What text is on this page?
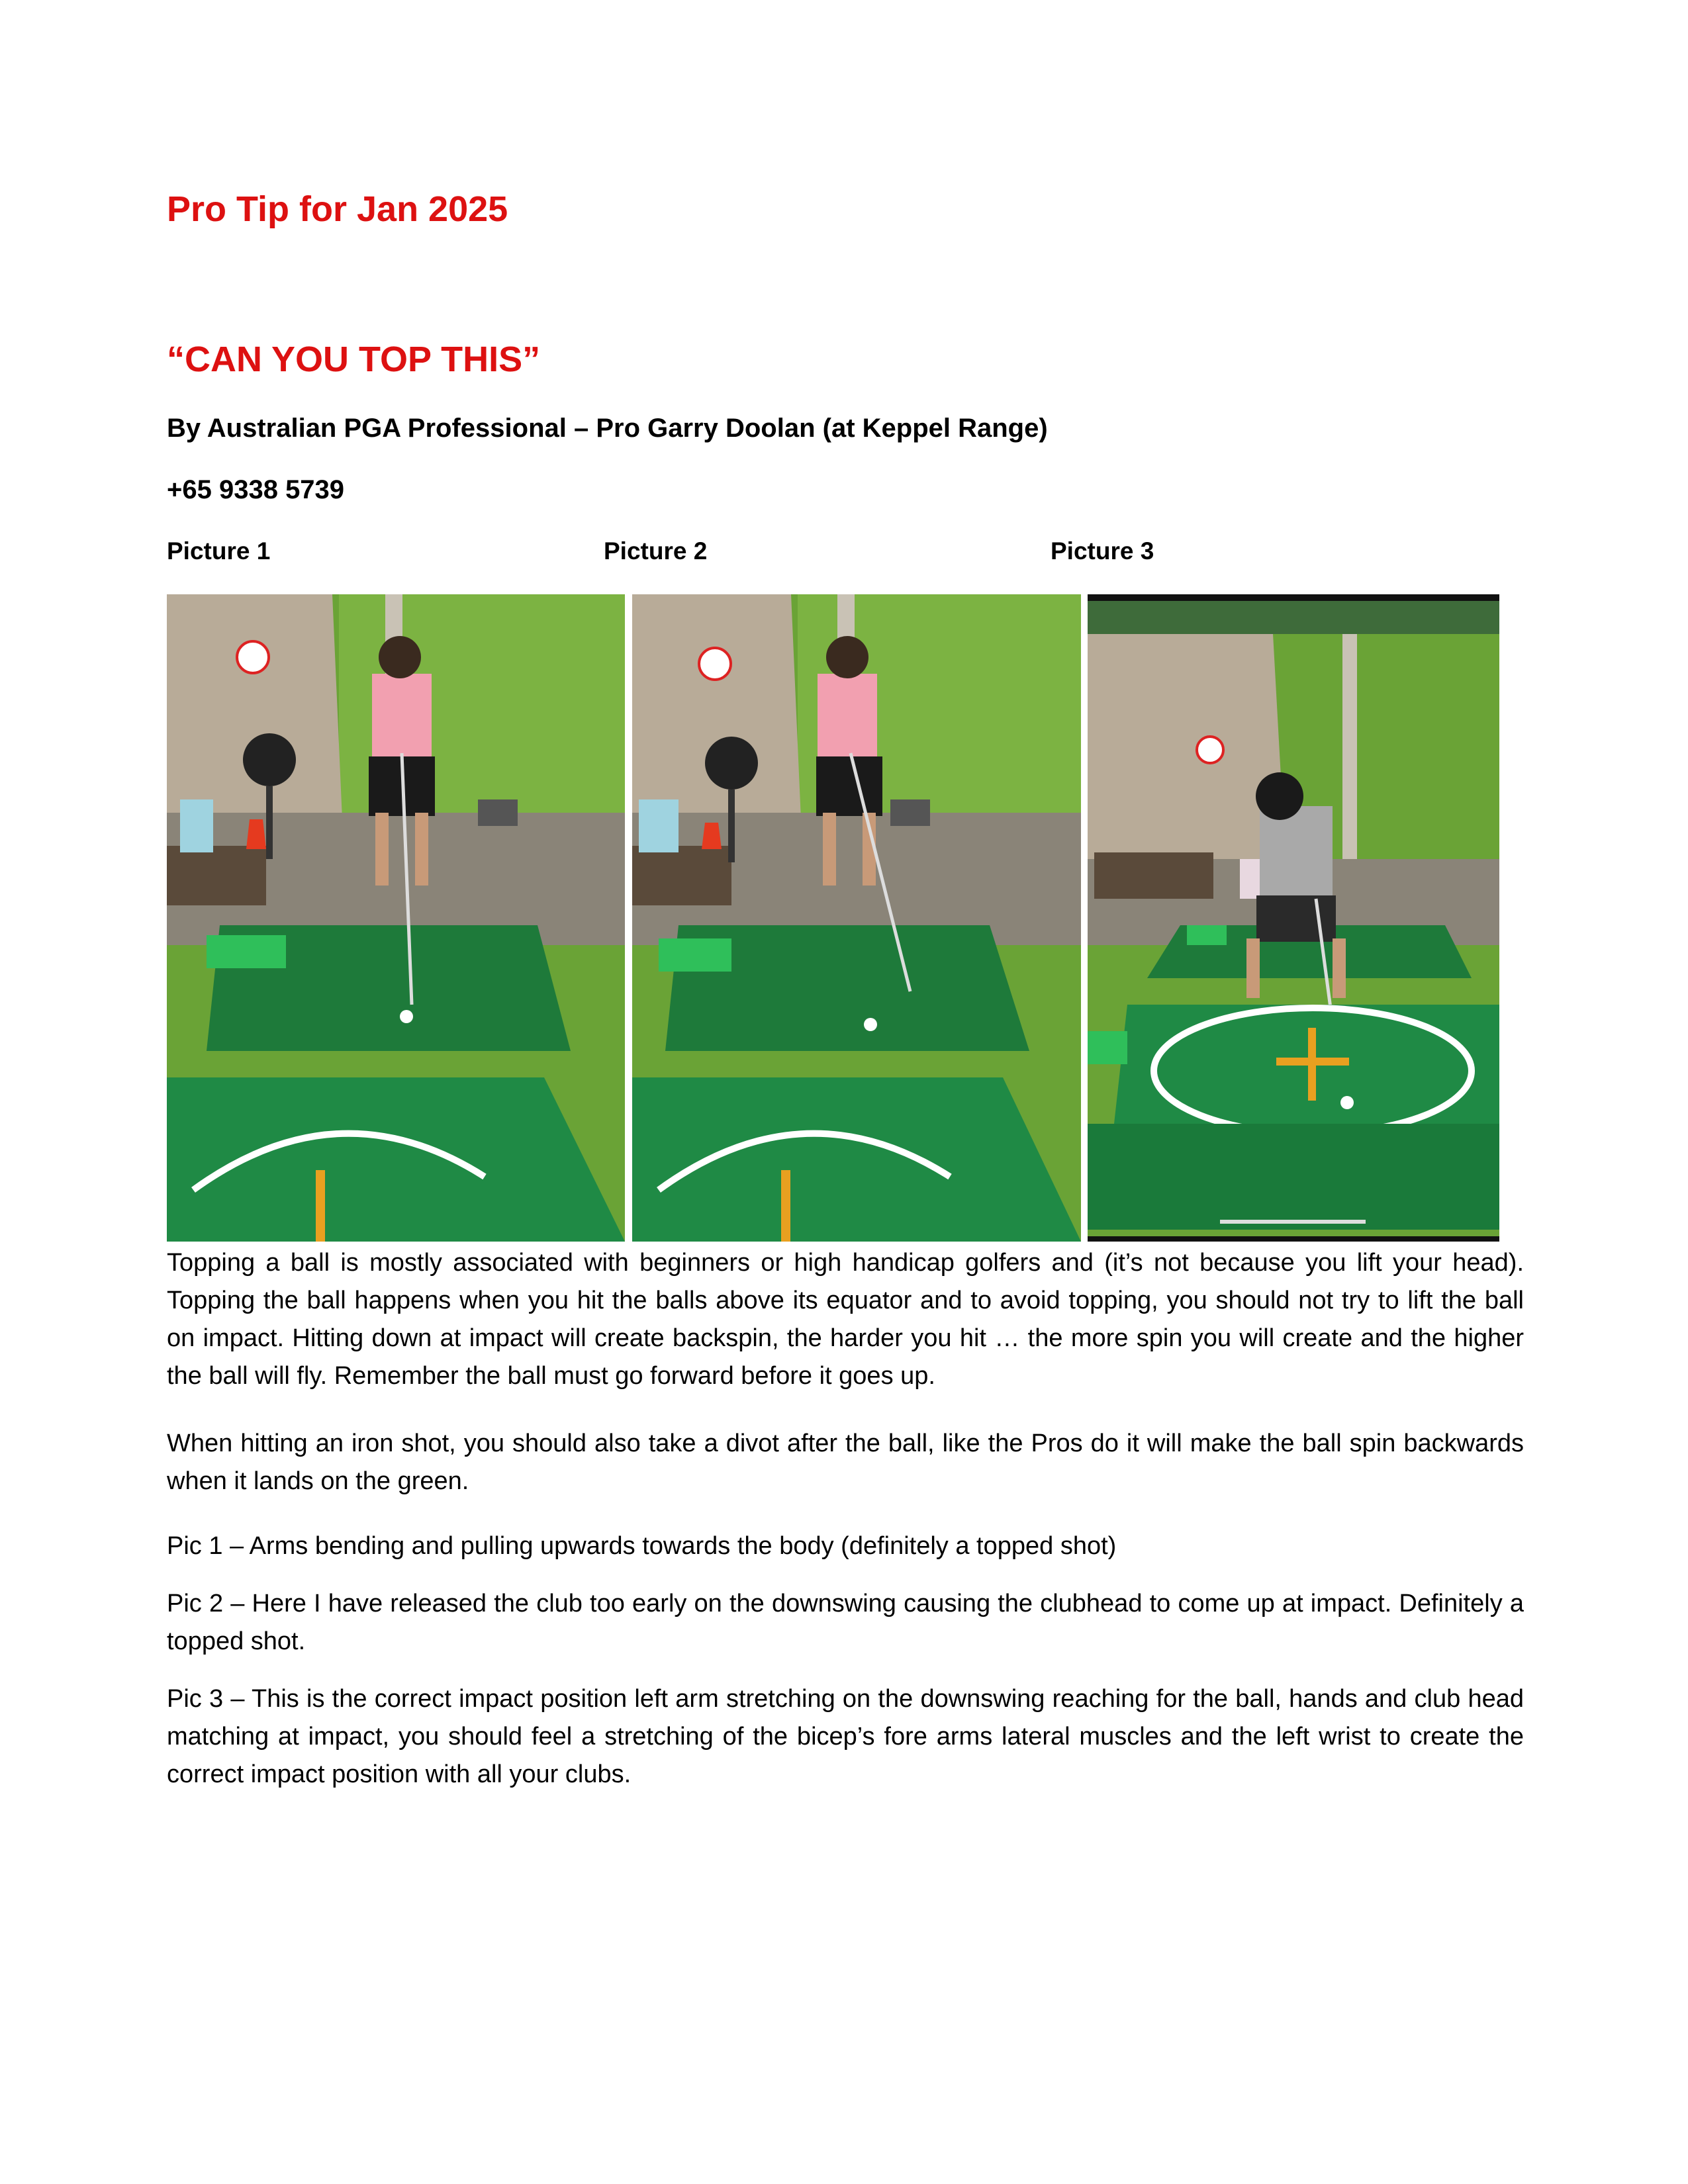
Pro Tip for Jan 2025
“CAN YOU TOP THIS”

By Australian PGA Professional – Pro Garry Doolan (at Keppel Range)

+65 9338 5739

Picture 1	Picture 2	Picture 3

Topping a ball is mostly associated with beginners or high handicap golfers and (it’s not because you lift your head). Topping the ball happens when you hit the balls above its equator and to avoid topping, you should not try to lift the ball on impact. Hitting down at impact will create backspin, the harder you hit … the more spin you will create and the higher the ball will fly. Remember the ball must go forward before it goes up.

When hitting an iron shot, you should also take a divot after the ball, like the Pros do it will make the ball spin backwards when it lands on the green.

Pic 1 – Arms bending and pulling upwards towards the body (definitely a topped shot)

Pic 2 – Here I have released the club too early on the downswing causing the clubhead to come up at impact. Definitely a topped shot.

Pic 3 – This is the correct impact position left arm stretching on the downswing reaching for the ball, hands and club head matching at impact, you should feel a stretching of the bicep’s fore arms lateral muscles and the left wrist to create the correct impact position with all your clubs.
